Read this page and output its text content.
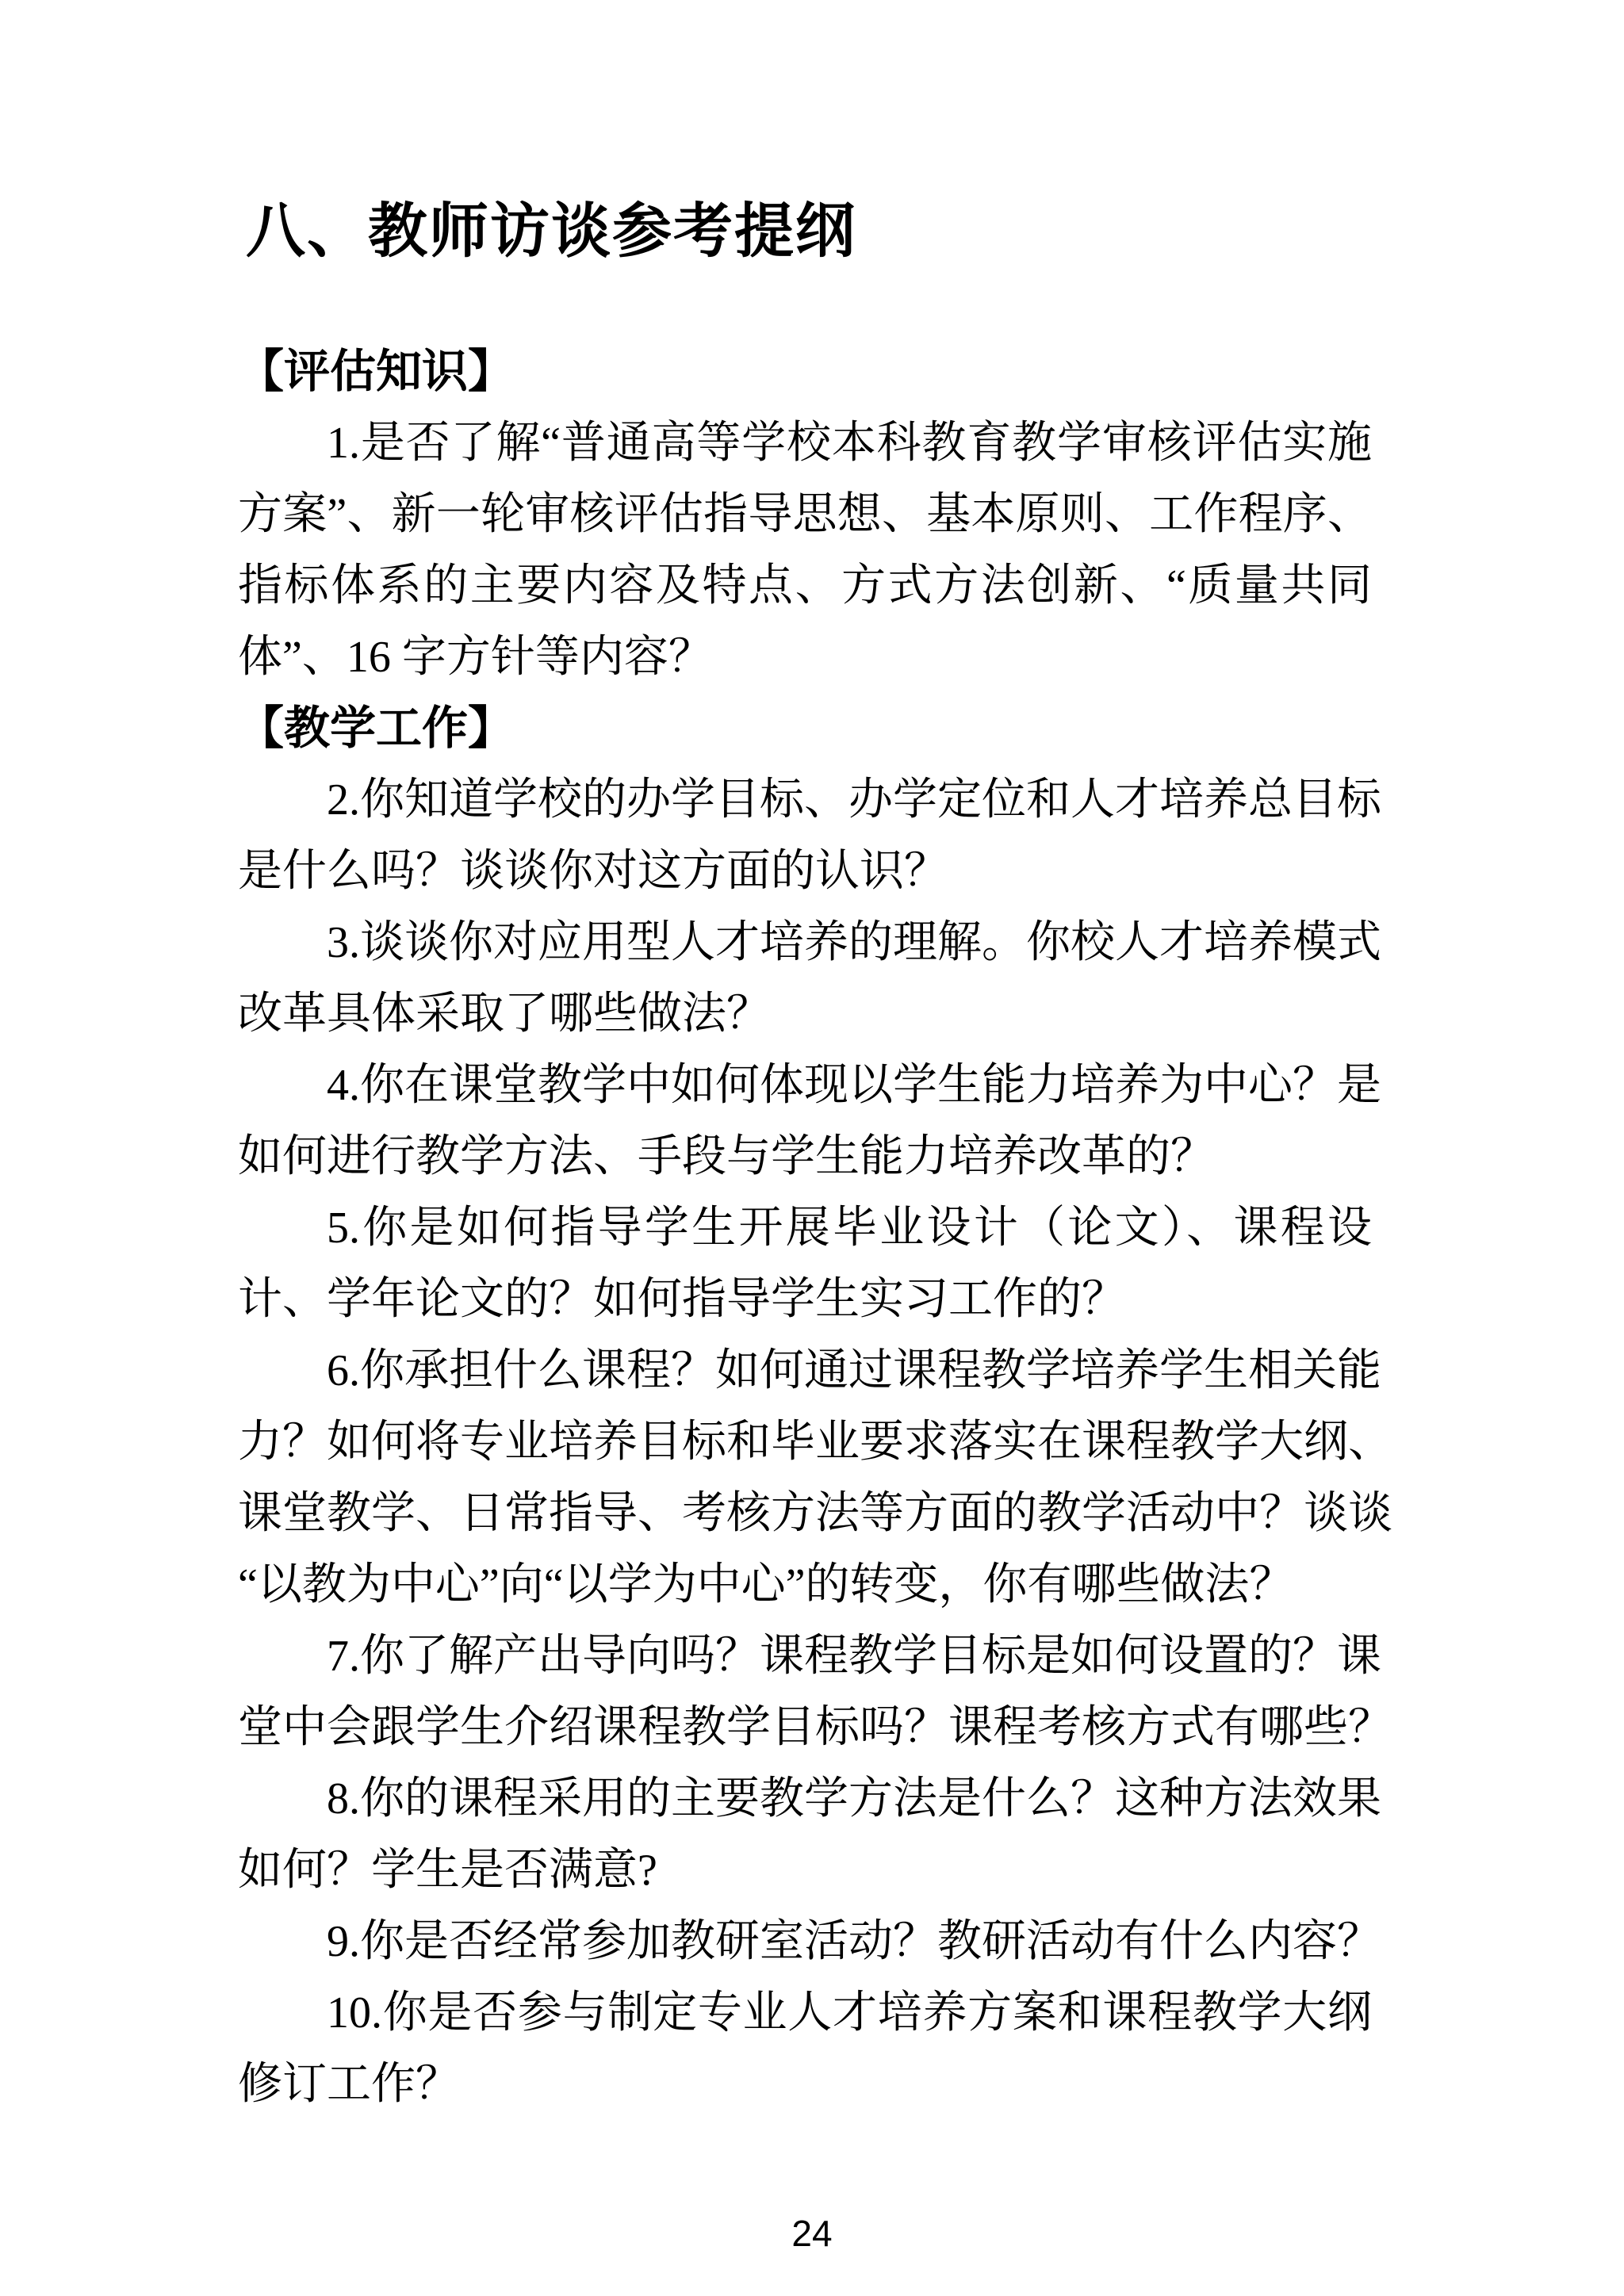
八、教师访谈参考提纲
【评估知识】
1.是否了解“普通高等学校本科教育教学审核评估实施
方案”、新一轮审核评估指导思想、基本原则、工作程序、
指标体系的主要内容及特点、方式方法创新、“质量共同
体”、16 字方针等内容？
【教学工作】
2.你知道学校的办学目标、办学定位和人才培养总目标
是什么吗？谈谈你对这方面的认识？
3.谈谈你对应用型人才培养的理解。你校人才培养模式
改革具体采取了哪些做法？
4.你在课堂教学中如何体现以学生能力培养为中心？是
如何进行教学方法、手段与学生能力培养改革的？
5.你是如何指导学生开展毕业设计（论文）、课程设
计、学年论文的？如何指导学生实习工作的？
6.你承担什么课程？如何通过课程教学培养学生相关能
力？如何将专业培养目标和毕业要求落实在课程教学大纲、
课堂教学、日常指导、考核方法等方面的教学活动中？谈谈
“以教为中心”向“以学为中心”的转变，你有哪些做法？
7.你了解产出导向吗？课程教学目标是如何设置的？课
堂中会跟学生介绍课程教学目标吗？课程考核方式有哪些？
8.你的课程采用的主要教学方法是什么？这种方法效果
如何？学生是否满意?
9.你是否经常参加教研室活动？教研活动有什么内容？
10.你是否参与制定专业人才培养方案和课程教学大纲
修订工作？
24
